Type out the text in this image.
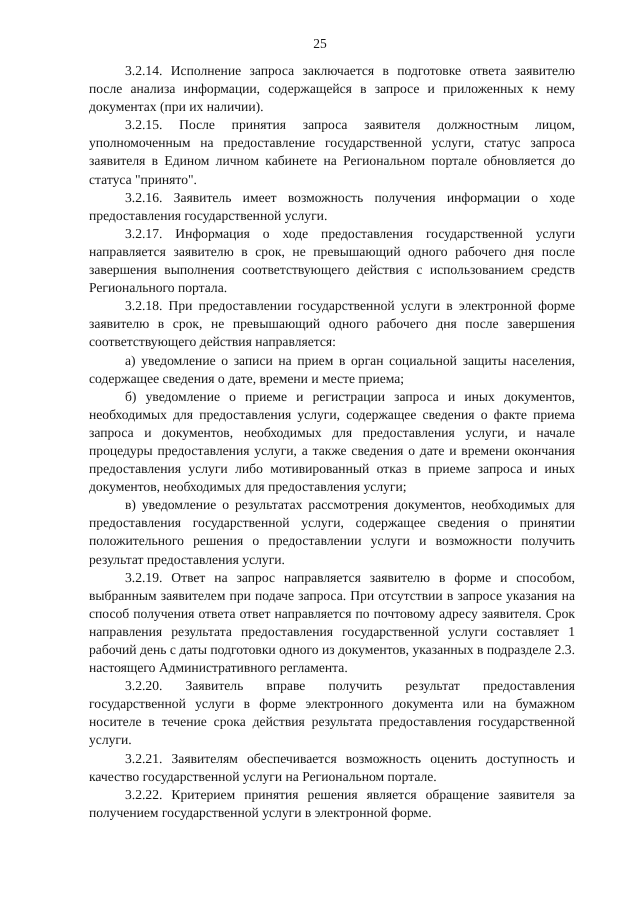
25

3.2.14. Исполнение запроса заключается в подготовке ответа заявителю после анализа информации, содержащейся в запросе и приложенных к нему документах (при их наличии).

3.2.15. После принятия запроса заявителя должностным лицом, уполномоченным на предоставление государственной услуги, статус запроса заявителя в Едином личном кабинете на Региональном портале обновляется до статуса "принято".

3.2.16. Заявитель имеет возможность получения информации о ходе предоставления государственной услуги.

3.2.17. Информация о ходе предоставления государственной услуги направляется заявителю в срок, не превышающий одного рабочего дня после завершения выполнения соответствующего действия с использованием средств Регионального портала.

3.2.18. При предоставлении государственной услуги в электронной форме заявителю в срок, не превышающий одного рабочего дня после завершения соответствующего действия направляется:

а) уведомление о записи на прием в орган социальной защиты населения, содержащее сведения о дате, времени и месте приема;

б) уведомление о приеме и регистрации запроса и иных документов, необходимых для предоставления услуги, содержащее сведения о факте приема запроса и документов, необходимых для предоставления услуги, и начале процедуры предоставления услуги, а также сведения о дате и времени окончания предоставления услуги либо мотивированный отказ в приеме запроса и иных документов, необходимых для предоставления услуги;

в) уведомление о результатах рассмотрения документов, необходимых для предоставления государственной услуги, содержащее сведения о принятии положительного решения о предоставлении услуги и возможности получить результат предоставления услуги.

3.2.19. Ответ на запрос направляется заявителю в форме и способом, выбранным заявителем при подаче запроса. При отсутствии в запросе указания на способ получения ответа ответ направляется по почтовому адресу заявителя. Срок направления результата предоставления государственной услуги составляет 1 рабочий день с даты подготовки одного из документов, указанных в подразделе 2.3. настоящего Административного регламента.

3.2.20. Заявитель вправе получить результат предоставления государственной услуги в форме электронного документа или на бумажном носителе в течение срока действия результата предоставления государственной услуги.

3.2.21. Заявителям обеспечивается возможность оценить доступность и качество государственной услуги на Региональном портале.

3.2.22. Критерием принятия решения является обращение заявителя за получением государственной услуги в электронной форме.
